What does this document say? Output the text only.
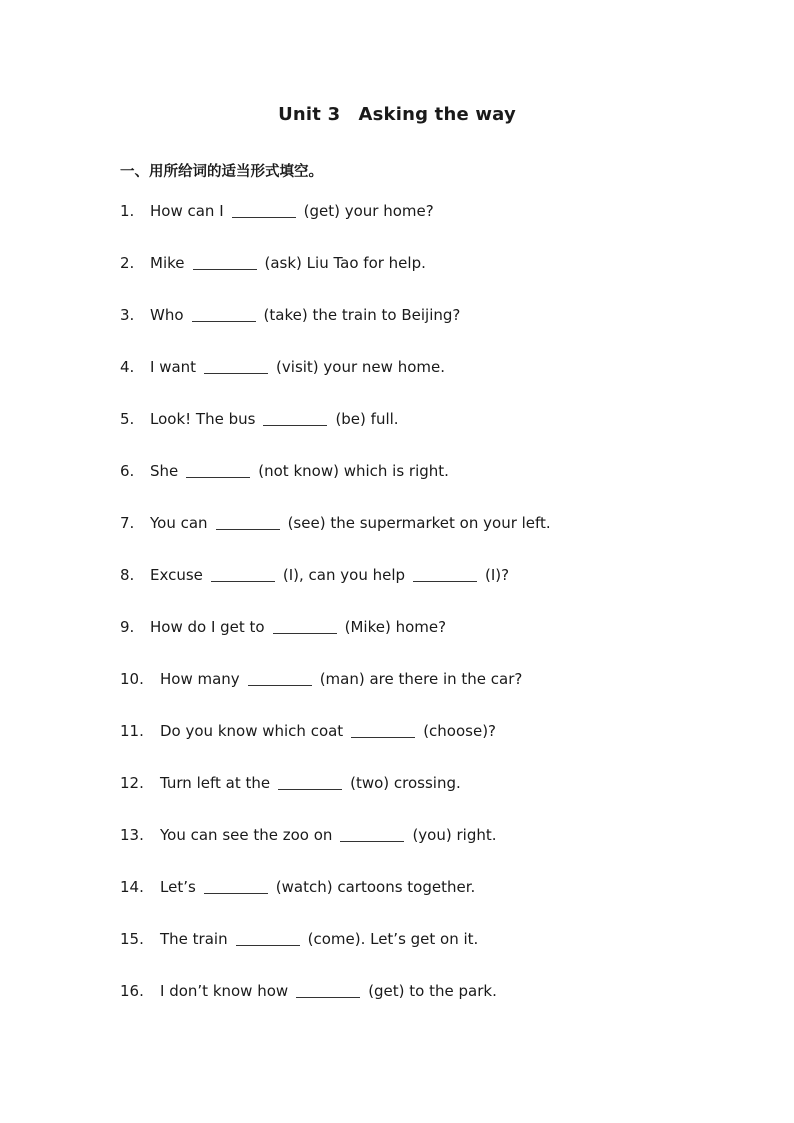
Unit 3 Asking the way
一、用所给词的适当形式填空。
1.	How can I	(get) your home?
2.	Mike	(ask) Liu Tao for help.
3.	Who	(take) the train to Beijing?
4.	I want	(visit) your new home.
5.	Look! The bus	(be) full.
6.	She	(not know) which is right.
7.	You can	(see) the supermarket on your left.
8.	Excuse	(I), can you help	(I)?
9.	How do I get to	(Mike) home?
10.	How many	(man) are there in the car?
11.	Do you know which coat	(choose)?
12.	Turn left at the	(two) crossing.
13.	You can see the zoo on	(you) right.
14.	Let’s	(watch) cartoons together.
15.	The train	(come). Let’s get on it.
16.	I don’t know how	(get) to the park.
